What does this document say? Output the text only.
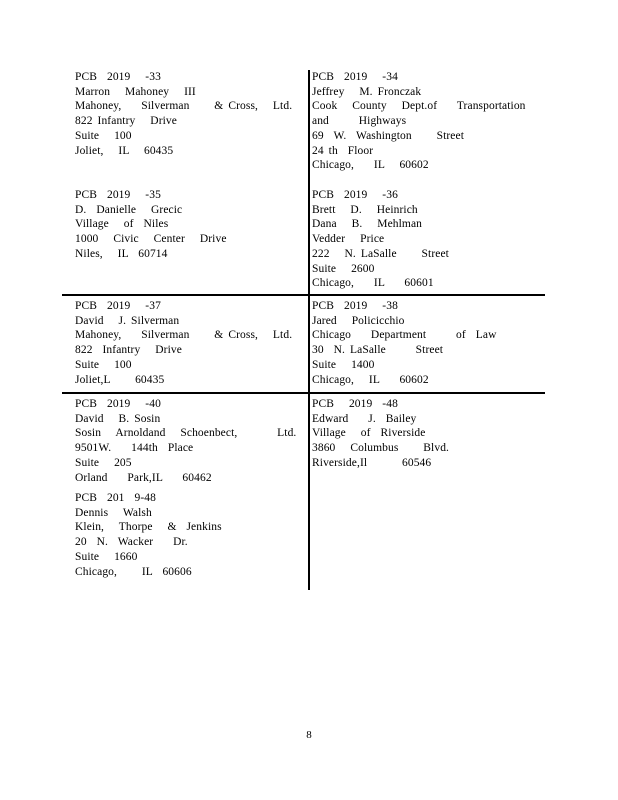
PCB  2019   -33
Marron   Mahoney   III
Mahoney,    Silverman     & Cross,   Ltd.
822 Infantry   Drive
Suite   100
Joliet,   IL   60435
PCB  2019   -34
Jeffrey   M. Fronczak
Cook   County   Dept.of    Transportation
and      Highways
69  W.  Washington     Street
24 th  Floor
Chicago,    IL   60602
PCB  2019   -35
D.  Danielle   Grecic
Village   of  Niles
1000   Civic   Center   Drive
Niles,   IL  60714
PCB  2019   -36
Brett   D.   Heinrich
Dana   B.   Mehlman
Vedder   Price
222   N. LaSalle     Street
Suite   2600
Chicago,    IL    60601
PCB  2019   -37
David   J. Silverman
Mahoney,    Silverman     & Cross,   Ltd.
822  Infantry   Drive
Suite   100
Joliet,L     60435
PCB  2019   -38
Jared   Policicchio
Chicago    Department      of  Law
30  N. LaSalle      Street
Suite   1400
Chicago,   IL    60602
PCB  2019   -40
David   B. Sosin
Sosin   Arnoldand   Schoenbect,        Ltd.
9501W.    144th  Place
Suite   205
Orland    Park,IL    60462
PCB   2019  -48
Edward    J.  Bailey
Village   of  Riverside
3860   Columbus     Blvd.
Riverside,Il       60546
PCB  201  9-48
Dennis   Walsh
Klein,   Thorpe   &  Jenkins
20  N.  Wacker    Dr.
Suite   1660
Chicago,     IL  60606
8
